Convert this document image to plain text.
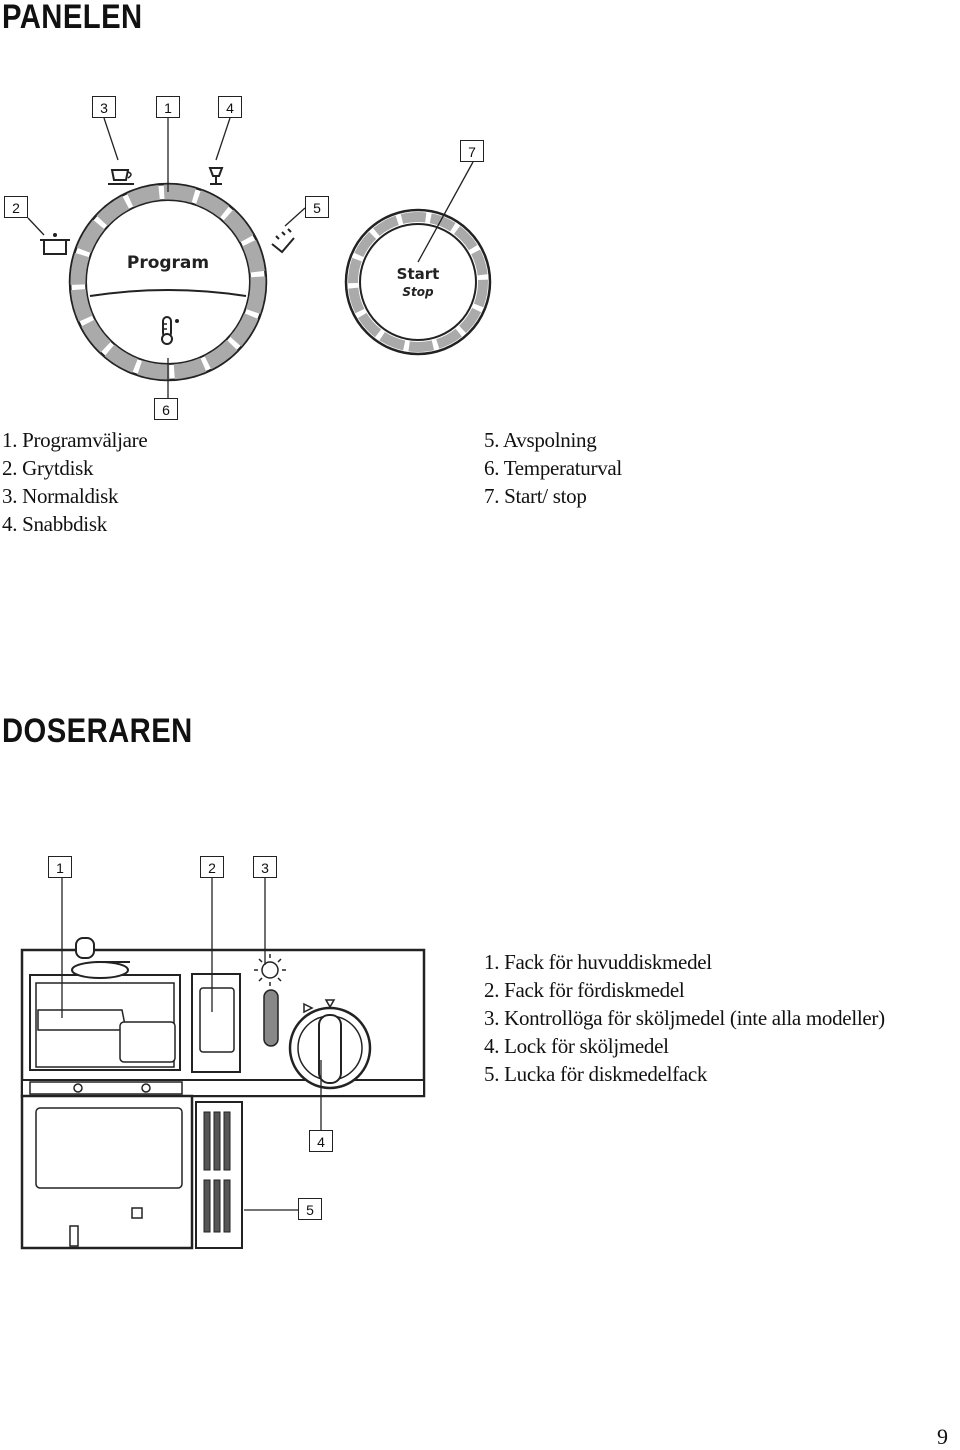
PANELEN
Program
Start
Stop
3	1	4
7
2	5
6
1. Programväljare
2. Grytdisk
3. Normaldisk
4. Snabbdisk
5. Avspolning
6. Temperaturval
7. Start/ stop
DOSERAREN
1	2	3
4
5
1. Fack för huvuddiskmedel
2. Fack för fördiskmedel
3. Kontrollöga för sköljmedel (inte alla modeller)
4. Lock för sköljmedel
5. Lucka för diskmedelfack
9
